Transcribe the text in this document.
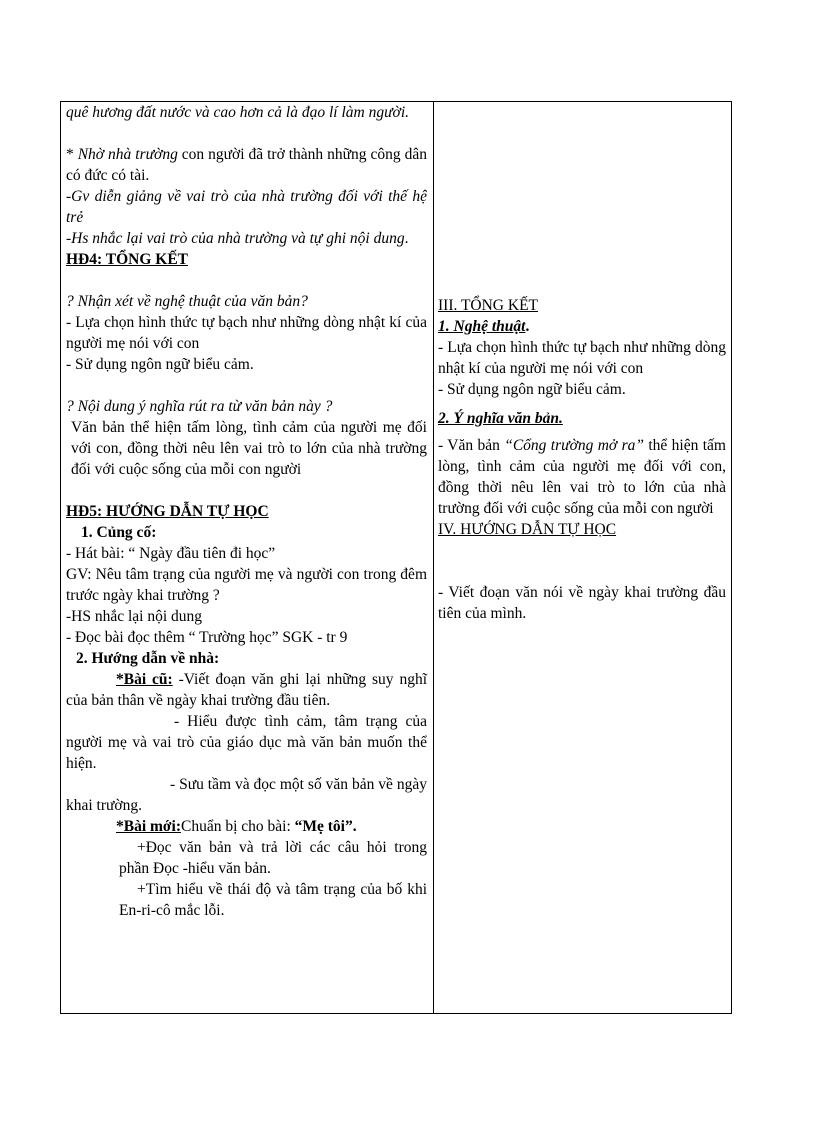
quê hương đất nước và cao hơn cả là đạo lí làm người.

* Nhờ nhà trường con người đã trở thành những công dân có đức có tài.

-Gv diễn giảng về vai trò của nhà trường đối với thế hệ trẻ

-Hs nhắc lại vai trò của nhà trường và tự ghi nội dung.

HĐ4: TỔNG KẾT

? Nhận xét về nghệ thuật của văn bản?

- Lựa chọn hình thức tự bạch như những dòng nhật kí của người mẹ nói với con

- Sử dụng ngôn ngữ biểu cảm.

? Nội dung ý nghĩa rút ra từ văn bản này ?

Văn bản thể hiện tấm lòng, tình cảm của người mẹ đối với con, đồng thời nêu lên vai trò to lớn của nhà trường đối với cuộc sống của mỗi con người

HĐ5: HƯỚNG DẪN TỰ HỌC

1. Củng cố:

- Hát bài: “ Ngày đầu tiên đi học”

GV: Nêu tâm trạng của người mẹ và người con trong đêm trước ngày khai trường ?

-HS nhắc lại nội dung

- Đọc bài đọc thêm “ Trường học” SGK - tr 9

2. Hướng dẫn về nhà:

*Bài cũ: -Viết đoạn văn ghi lại những suy nghĩ của bản thân về ngày khai trường đầu tiên.

- Hiểu được tình cảm, tâm trạng của người mẹ và vai trò của giáo dục mà văn bản muốn thể hiện.

- Sưu tầm và đọc một số văn bản về ngày khai trường.

*Bài mới:Chuẩn bị cho bài: “Mẹ tôi”.

+Đọc văn bản và trả lời các câu hỏi trong phần Đọc -hiểu văn bản.

+Tìm hiểu về thái độ và tâm trạng của bố khi En-ri-cô mắc lỗi.

III. TỔNG KẾT

1. Nghệ thuật.

- Lựa chọn hình thức tự bạch như những dòng nhật kí của người mẹ nói với con

- Sử dụng ngôn ngữ biểu cảm.

2. Ý nghĩa văn bản.

- Văn bản “Cổng trường mở ra” thể hiện tấm lòng, tình cảm của người mẹ đối với con, đồng thời nêu lên vai trò to lớn của nhà trường đối với cuộc sống của mỗi con người

IV. HƯỚNG DẪN TỰ HỌC

- Viết đoạn văn nói về ngày khai trường đầu tiên của mình.
